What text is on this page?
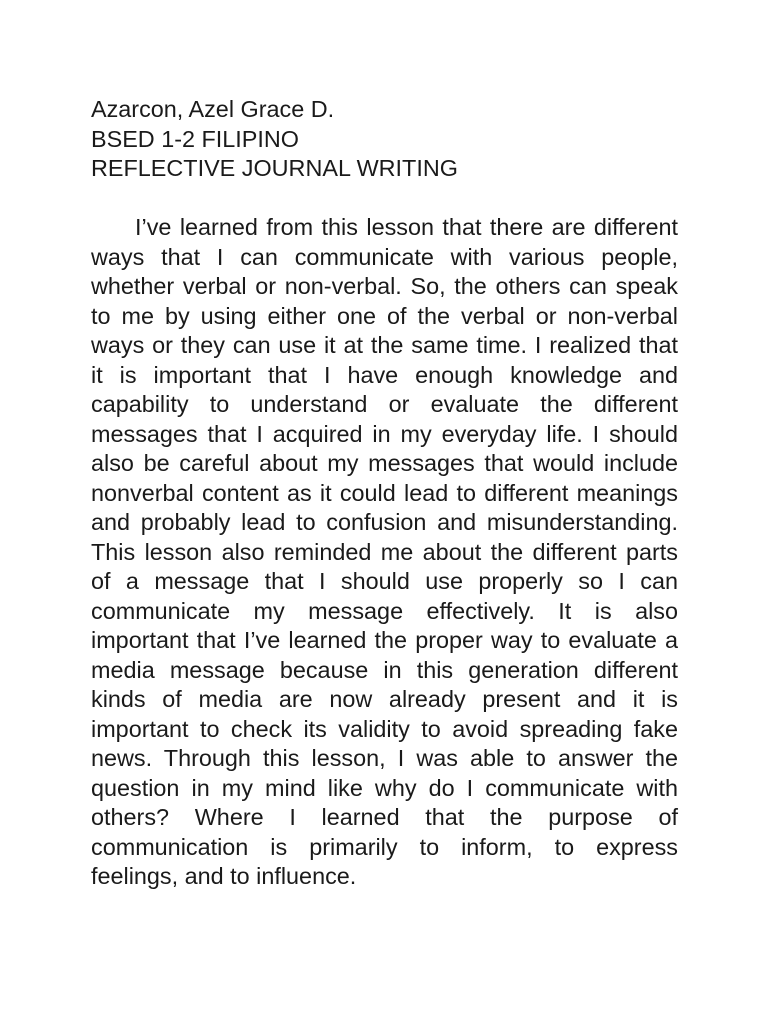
Azarcon, Azel Grace D.

BSED 1-2 FILIPINO

REFLECTIVE JOURNAL WRITING

I’ve learned from this lesson that there are different ways that I can communicate with various people, whether verbal or non-verbal. So, the others can speak to me by using either one of the verbal or non-verbal ways or they can use it at the same time. I realized that it is important that I have enough knowledge and capability to understand or evaluate the different messages that I acquired in my everyday life. I should also be careful about my messages that would include nonverbal content as it could lead to different meanings and probably lead to confusion and misunderstanding. This lesson also reminded me about the different parts of a message that I should use properly so I can communicate my message effectively. It is also important that I’ve learned the proper way to evaluate a media message because in this generation different kinds of media are now already present and it is important to check its validity to avoid spreading fake news. Through this lesson, I was able to answer the question in my mind like why do I communicate with others? Where I learned that the purpose of communication is primarily to inform, to express feelings, and to influence.
